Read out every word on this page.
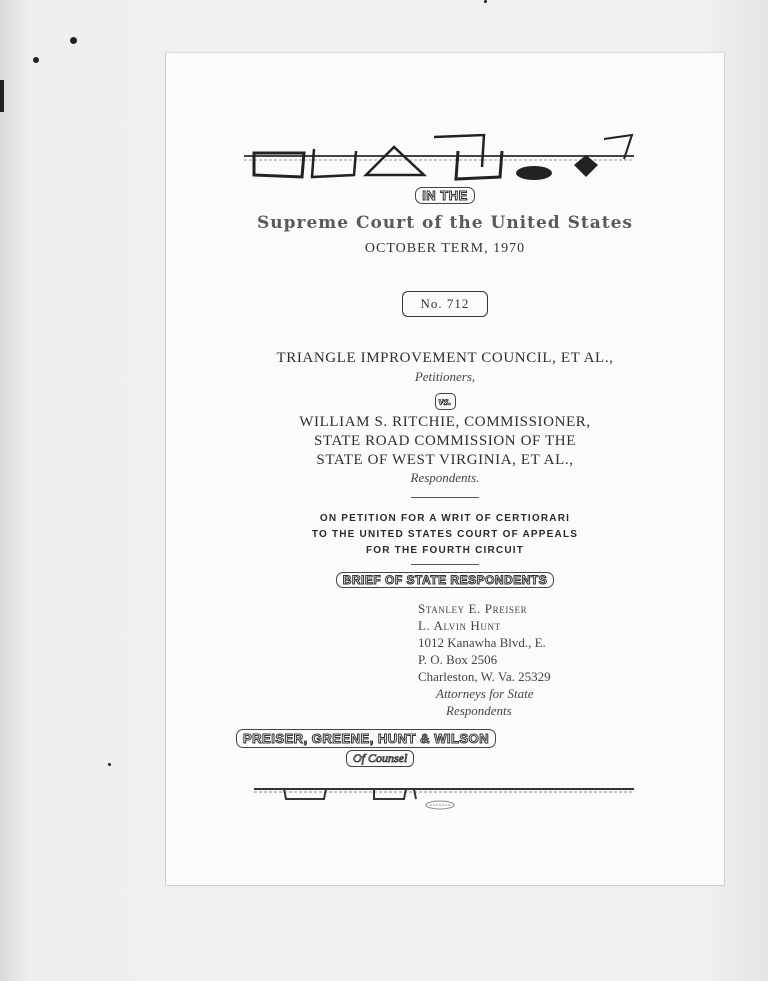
IN THE
Supreme Court of the United States
OCTOBER TERM, 1970
No. 712
TRIANGLE IMPROVEMENT COUNCIL, ET AL.,
Petitioners,
vs.
WILLIAM S. RITCHIE, COMMISSIONER,
STATE ROAD COMMISSION OF THE
STATE OF WEST VIRGINIA, ET AL.,
Respondents.
ON PETITION FOR A WRIT OF CERTIORARI
TO THE UNITED STATES COURT OF APPEALS
FOR THE FOURTH CIRCUIT
BRIEF OF STATE RESPONDENTS
Stanley E. Preiser
L. Alvin Hunt
1012 Kanawha Blvd., E.
P. O. Box 2506
Charleston, W. Va. 25329
Attorneys for State
Respondents
PREISER, GREENE, HUNT & WILSON
Of Counsel
